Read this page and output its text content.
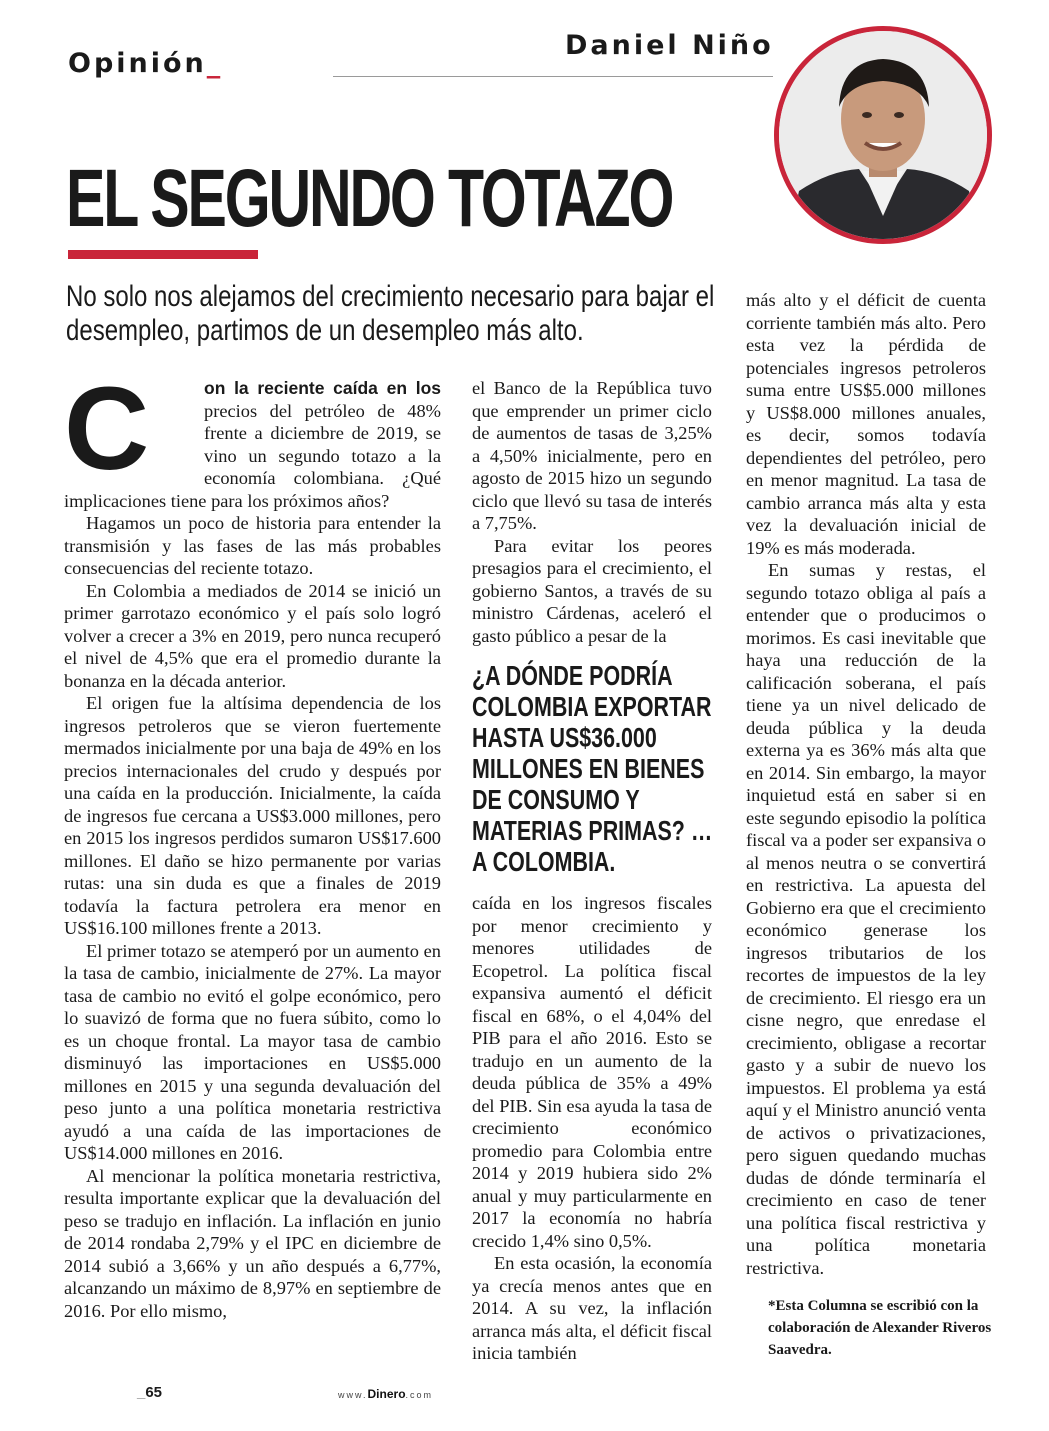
Opinión_
Daniel Niño
EL SEGUNDO TOTAZO
No solo nos alejamos del crecimiento necesario para bajar el desempleo, partimos de un desempleo más alto.

C	on la reciente caída en los precios del petróleo de 48% frente a diciembre de 2019, se vino un segundo totazo a la economía colombiana. ¿Qué implicaciones tiene para los próximos años?

Hagamos un poco de historia para entender la transmisión y las fases de las más probables consecuencias del reciente totazo.

En Colombia a mediados de 2014 se inició un primer garrotazo económico y el país solo logró volver a crecer a 3% en 2019, pero nunca recuperó el nivel de 4,5% que era el promedio durante la bonanza en la década anterior.

El origen fue la altísima dependencia de los ingresos petroleros que se vieron fuertemente mermados inicialmente por una baja de 49% en los precios internacionales del crudo y después por una caída en la producción. Inicialmente, la caída de ingresos fue cercana a US$3.000 millones, pero en 2015 los ingresos perdidos sumaron US$17.600 millones. El daño se hizo permanente por varias rutas: una sin duda es que a finales de 2019 todavía la factura petrolera era menor en US$16.100 millones frente a 2013.

El primer totazo se atemperó por un aumento en la tasa de cambio, inicialmente de 27%. La mayor tasa de cambio no evitó el golpe económico, pero lo suavizó de forma que no fuera súbito, como lo es un choque frontal. La mayor tasa de cambio disminuyó las importaciones en US$5.000 millones en 2015 y una segunda devaluación del peso junto a una política monetaria restrictiva ayudó a una caída de las importaciones de US$14.000 millones en 2016.

Al mencionar la política monetaria restrictiva, resulta importante explicar que la devaluación del peso se tradujo en inflación. La inflación en junio de 2014 rondaba 2,79% y el IPC en diciembre de 2014 subió a 3,66% y un año después a 6,77%, alcanzando un máximo de 8,97% en septiembre de 2016. Por ello mismo,

el Banco de la República tuvo que emprender un primer ciclo de aumentos de tasas de 3,25% a 4,50% inicialmente, pero en agosto de 2015 hizo un segundo ciclo que llevó su tasa de interés a 7,75%.

Para evitar los peores presagios para el crecimiento, el gobierno Santos, a través de su ministro Cárdenas, aceleró el gasto público a pesar de la

¿A DÓNDE PODRÍA COLOMBIA EXPORTAR HASTA US$36.000 MILLONES EN BIENES DE CONSUMO Y MATERIAS PRIMAS? … A COLOMBIA.

caída en los ingresos fiscales por menor crecimiento y menores utilidades de Ecopetrol. La política fiscal expansiva aumentó el déficit fiscal en 68%, o el 4,04% del PIB para el año 2016. Esto se tradujo en un aumento de la deuda pública de 35% a 49% del PIB. Sin esa ayuda la tasa de crecimiento económico promedio para Colombia entre 2014 y 2019 hubiera sido 2% anual y muy particularmente en 2017 la economía no habría crecido 1,4% sino 0,5%.

En esta ocasión, la economía ya crecía menos antes que en 2014. A su vez, la inflación arranca más alta, el déficit fiscal inicia también

más alto y el déficit de cuenta corriente también más alto. Pero esta vez la pérdida de potenciales ingresos petroleros suma entre US$5.000 millones y US$8.000 millones anuales, es decir, somos todavía dependientes del petróleo, pero en menor magnitud. La tasa de cambio arranca más alta y esta vez la devaluación inicial de 19% es más moderada.

En sumas y restas, el segundo totazo obliga al país a entender que o producimos o morimos. Es casi inevitable que haya una reducción de la calificación soberana, el país tiene ya un nivel delicado de deuda pública y la deuda externa ya es 36% más alta que en 2014. Sin embargo, la mayor inquietud está en saber si en este segundo episodio la política fiscal va a poder ser expansiva o al menos neutra o se convertirá en restrictiva. La apuesta del Gobierno era que el crecimiento económico generase los ingresos tributarios de los recortes de impuestos de la ley de crecimiento. El riesgo era un cisne negro, que enredase el crecimiento, obligase a recortar gasto y a subir de nuevo los impuestos. El problema ya está aquí y el Ministro anunció venta de activos o privatizaciones, pero siguen quedando muchas dudas de dónde terminaría el crecimiento en caso de tener una política fiscal restrictiva y una política monetaria restrictiva.

*Esta Columna se escribió con la colaboración de Alexander Riveros Saavedra.
_65	www.Dinero.com
